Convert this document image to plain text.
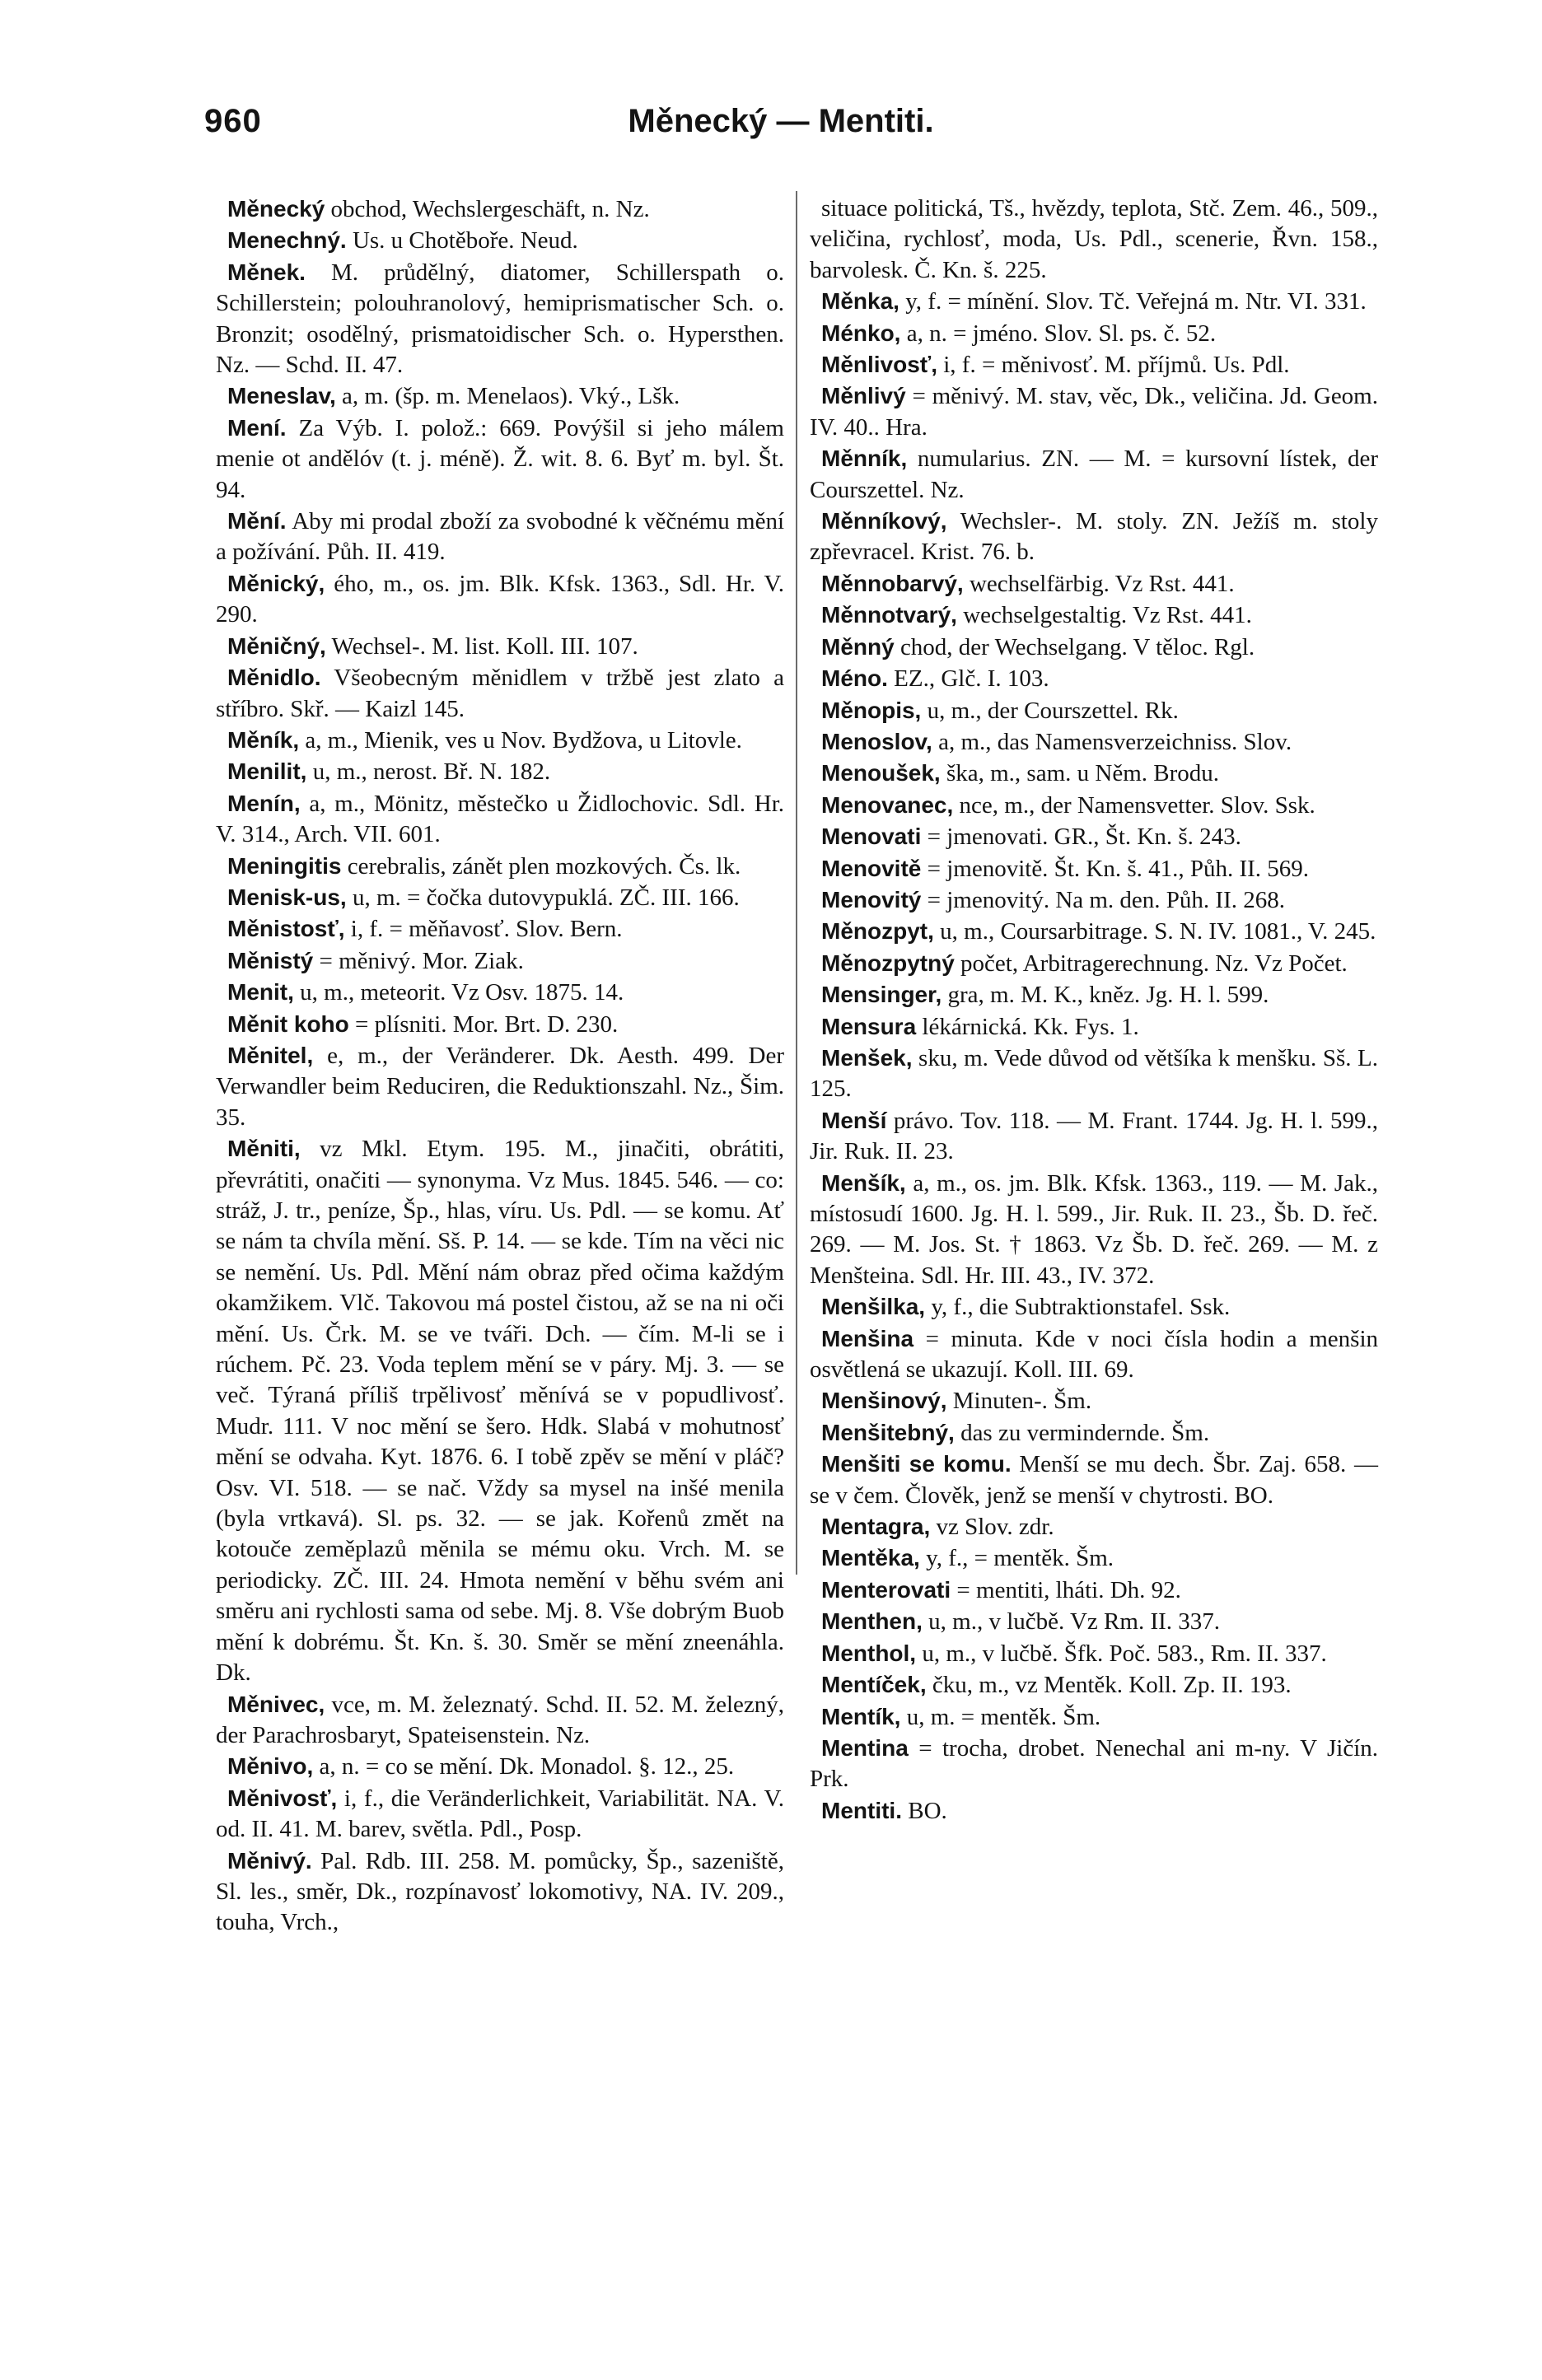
960	Měnecký — Mentiti.

Měnecký obchod, Wechslergeschäft, n. Nz.

Menechný. Us. u Chotěboře. Neud.

Měnek. M. průdělný, diatomer, Schillerspath o. Schillerstein; polouhranolový, hemiprismatischer Sch. o. Bronzit; osodělný, prismatoidischer Sch. o. Hypersthen. Nz. — Schd. II. 47.

Meneslav, a, m. (šp. m. Menelaos). Vký., Lšk.

Mení. Za Výb. I. polož.: 669. Povýšil si jeho málem menie ot andělóv (t. j. méně). Ž. wit. 8. 6. Byť m. byl. Št. 94.

Mění. Aby mi prodal zboží za svobodné k věčnému mění a požívání. Půh. II. 419.

Měnický, ého, m., os. jm. Blk. Kfsk. 1363., Sdl. Hr. V. 290.

Měničný, Wechsel-. M. list. Koll. III. 107.

Měnidlo. Všeobecným měnidlem v tržbě jest zlato a stříbro. Skř. — Kaizl 145.

Měník, a, m., Mienik, ves u Nov. Bydžova, u Litovle.

Menilit, u, m., nerost. Bř. N. 182.

Menín, a, m., Mönitz, městečko u Židlochovic. Sdl. Hr. V. 314., Arch. VII. 601.

Meningitis cerebralis, zánět plen mozkových. Čs. lk.

Menisk-us, u, m. = čočka dutovypuklá. ZČ. III. 166.

Měnistosť, i, f. = měňavosť. Slov. Bern.

Měnistý = měnivý. Mor. Ziak.

Menit, u, m., meteorit. Vz Osv. 1875. 14.

Měnit koho = plísniti. Mor. Brt. D. 230.

Měnitel, e, m., der Veränderer. Dk. Aesth. 499. Der Verwandler beim Reduciren, die Reduktionszahl. Nz., Šim. 35.

Měniti, vz Mkl. Etym. 195. M., jinačiti, obrátiti, převrátiti, onačiti — synonyma. Vz Mus. 1845. 546. — co: stráž, J. tr., peníze, Šp., hlas, víru. Us. Pdl. — se komu. Ať se nám ta chvíla mění. Sš. P. 14. — se kde. Tím na věci nic se nemění. Us. Pdl. Mění nám obraz před očima každým okamžikem. Vlč. Takovou má postel čistou, až se na ni oči mění. Us. Črk. M. se ve tváři. Dch. — čím. M-li se i rúchem. Pč. 23. Voda teplem mění se v páry. Mj. 3. — se več. Týraná příliš trpělivosť měnívá se v popudlivosť. Mudr. 111. V noc mění se šero. Hdk. Slabá v mohutnosť mění se odvaha. Kyt. 1876. 6. I tobě zpěv se mění v pláč? Osv. VI. 518. — se nač. Vždy sa mysel na inšé menila (byla vrtkavá). Sl. ps. 32. — se jak. Kořenů změt na kotouče zeměplazů měnila se mému oku. Vrch. M. se periodicky. ZČ. III. 24. Hmota nemění v běhu svém ani směru ani rychlosti sama od sebe. Mj. 8. Vše dobrým Buob mění k dobrému. Št. Kn. š. 30. Směr se mění zneenáhla. Dk.

Měnivec, vce, m. M. železnatý. Schd. II. 52. M. železný, der Parachrosbaryt, Spateisenstein. Nz.

Měnivo, a, n. = co se mění. Dk. Monadol. §. 12., 25.

Měnivosť, i, f., die Veränderlichkeit, Variabilität. NA. V. od. II. 41. M. barev, světla. Pdl., Posp.

Měnivý. Pal. Rdb. III. 258. M. pomůcky, Šp., sazeniště, Sl. les., směr, Dk., rozpínavosť lokomotivy, NA. IV. 209., touha, Vrch.,

situace politická, Tš., hvězdy, teplota, Stč. Zem. 46., 509., veličina, rychlosť, moda, Us. Pdl., scenerie, Řvn. 158., barvolesk. Č. Kn. š. 225.

Měnka, y, f. = mínění. Slov. Tč. Veřejná m. Ntr. VI. 331.

Ménko, a, n. = jméno. Slov. Sl. ps. č. 52.

Měnlivosť, i, f. = měnivosť. M. příjmů. Us. Pdl.

Měnlivý = měnivý. M. stav, věc, Dk., veličina. Jd. Geom. IV. 40.. Hra.

Měnník, numularius. ZN. — M. = kursovní lístek, der Courszettel. Nz.

Měnníkový, Wechsler-. M. stoly. ZN. Ježíš m. stoly zpřevracel. Krist. 76. b.

Měnnobarvý, wechselfärbig. Vz Rst. 441.

Měnnotvarý, wechselgestaltig. Vz Rst. 441.

Měnný chod, der Wechselgang. V těloc. Rgl.

Méno. EZ., Glč. I. 103.

Měnopis, u, m., der Courszettel. Rk.

Menoslov, a, m., das Namensverzeichniss. Slov.

Menoušek, ška, m., sam. u Něm. Brodu.

Menovanec, nce, m., der Namensvetter. Slov. Ssk.

Menovati = jmenovati. GR., Št. Kn. š. 243.

Menovitě = jmenovitě. Št. Kn. š. 41., Půh. II. 569.

Menovitý = jmenovitý. Na m. den. Půh. II. 268.

Měnozpyt, u, m., Coursarbitrage. S. N. IV. 1081., V. 245.

Měnozpytný počet, Arbitragerechnung. Nz. Vz Počet.

Mensinger, gra, m. M. K., kněz. Jg. H. l. 599.

Mensura lékárnická. Kk. Fys. 1.

Menšek, sku, m. Vede důvod od většíka k menšku. Sš. L. 125.

Menší právo. Tov. 118. — M. Frant. 1744. Jg. H. l. 599., Jir. Ruk. II. 23.

Menšík, a, m., os. jm. Blk. Kfsk. 1363., 119. — M. Jak., místosudí 1600. Jg. H. l. 599., Jir. Ruk. II. 23., Šb. D. řeč. 269. — M. Jos. St. † 1863. Vz Šb. D. řeč. 269. — M. z Menšteina. Sdl. Hr. III. 43., IV. 372.

Menšilka, y, f., die Subtraktionstafel. Ssk.

Menšina = minuta. Kde v noci čísla hodin a menšin osvětlená se ukazují. Koll. III. 69.

Menšinový, Minuten-. Šm.

Menšitebný, das zu vermindernde. Šm.

Menšiti se komu. Menší se mu dech. Šbr. Zaj. 658. — se v čem. Člověk, jenž se menší v chytrosti. BO.

Mentagra, vz Slov. zdr.

Mentěka, y, f., = mentěk. Šm.

Menterovati = mentiti, lháti. Dh. 92.

Menthen, u, m., v lučbě. Vz Rm. II. 337.

Menthol, u, m., v lučbě. Šfk. Poč. 583., Rm. II. 337.

Mentíček, čku, m., vz Mentěk. Koll. Zp. II. 193.

Mentík, u, m. = mentěk. Šm.

Mentina = trocha, drobet. Nenechal ani m-ny. V Jičín. Prk.

Mentiti. BO.
